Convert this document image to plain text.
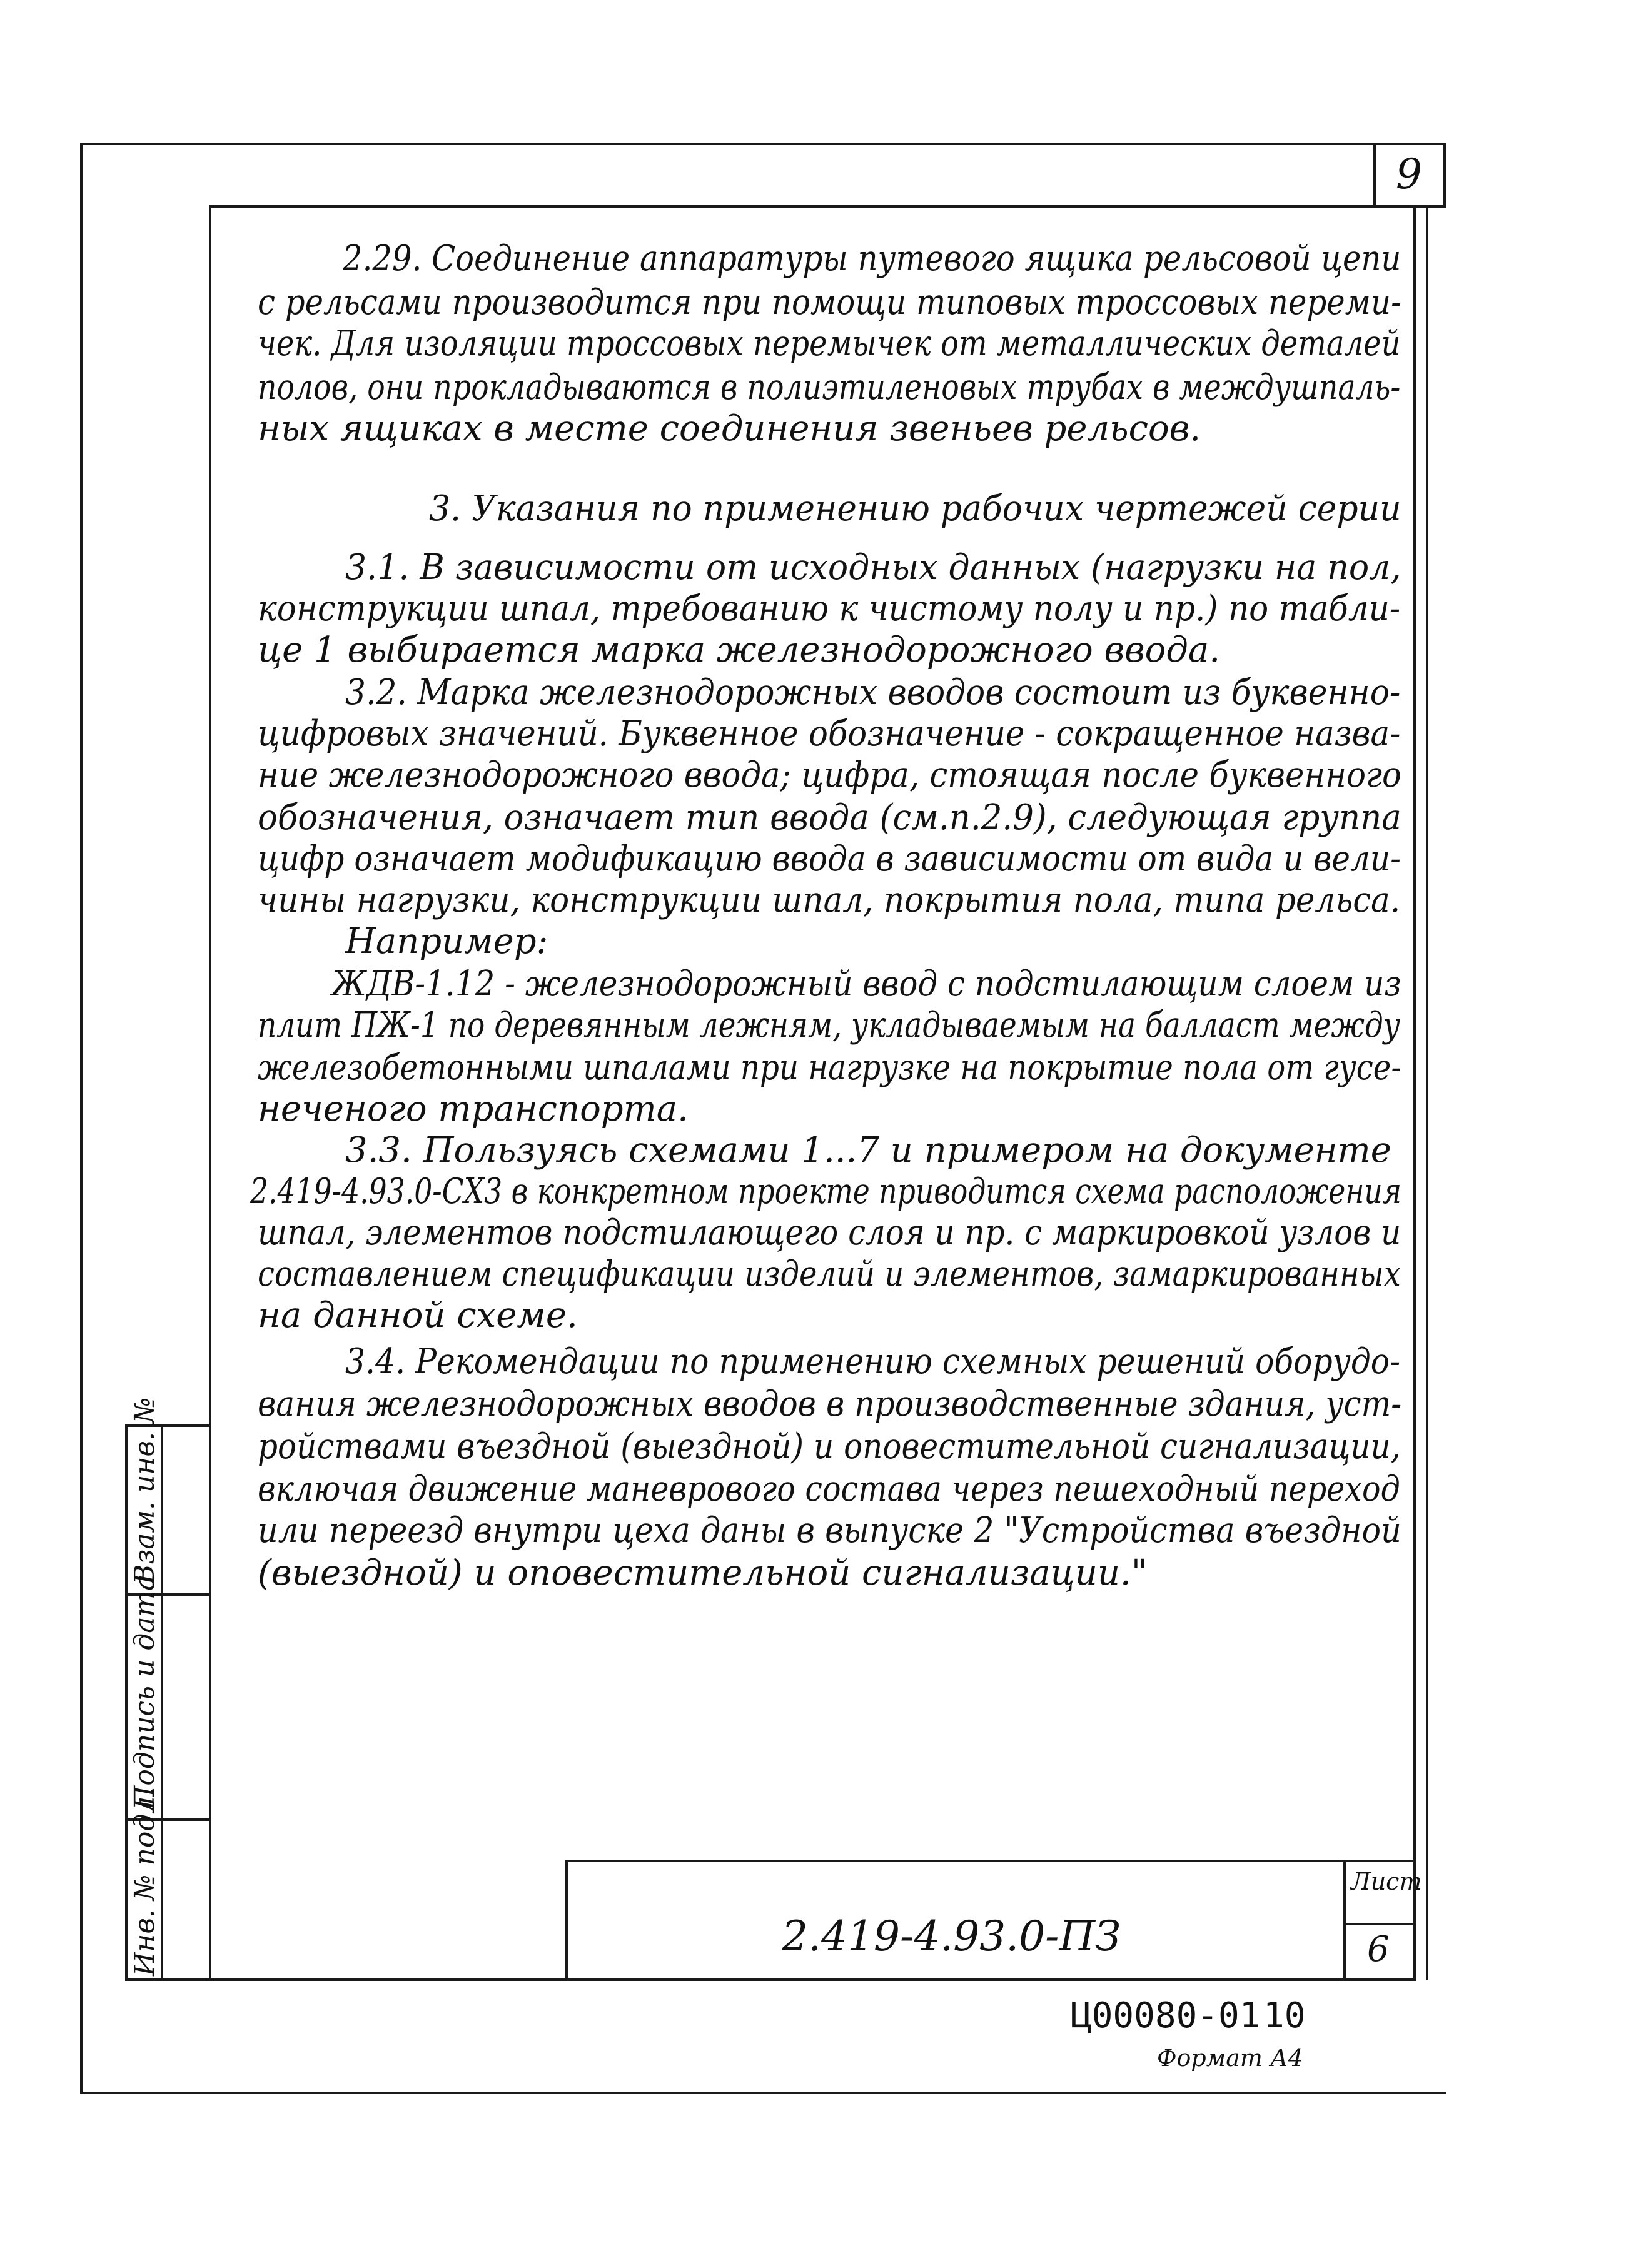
9
Взам. инв. №
Подпись и дата
Инв. № подл.	2.419-4.93.0-ПЗ
Лист
6
Ц00080-01 10
Формат А4
2.29. Соединение аппаратуры путевого ящика рельсовой цепи
с рельсами производится при помощи типовых троссовых переми-
чек. Для изоляции троссовых перемычек от металлических деталей
полов, они прокладываются в полиэтиленовых трубах в междушпаль-
ных ящиках в месте соединения звеньев рельсов.
3. Указания по применению рабочих чертежей серии
3.1. В зависимости от исходных данных (нагрузки на пол,
конструкции шпал, требованию к чистому полу и пр.) по табли-
це 1 выбирается марка железнодорожного ввода.
3.2. Марка железнодорожных вводов состоит из буквенно-
цифровых значений. Буквенное обозначение - сокращенное назва-
ние железнодорожного ввода; цифра, стоящая после буквенного
обозначения, означает тип ввода (см.п.2.9), следующая группа
цифр означает модификацию ввода в зависимости от вида и вели-
чины нагрузки, конструкции шпал, покрытия пола, типа рельса.
Например:
ЖДВ-1.12 - железнодорожный ввод с подстилающим слоем из
плит ПЖ-1 по деревянным лежням, укладываемым на балласт между
железобетонными шпалами при нагрузке на покрытие пола от гусе-
неченого транспорта.
3.3. Пользуясь схемами 1...7 и примером на документе
2.419-4.93.0-СХ3 в конкретном проекте приводится схема расположения
шпал, элементов подстилающего слоя и пр. с маркировкой узлов и
составлением спецификации изделий и элементов, замаркированных
на данной схеме.
3.4. Рекомендации по применению схемных решений оборудо-
вания железнодорожных вводов в производственные здания, уст-
ройствами въездной (выездной) и оповестительной сигнализации,
включая движение маневрового состава через пешеходный переход
или переезд внутри цеха даны в выпуске 2 "Устройства въездной
(выездной) и оповестительной сигнализации."
